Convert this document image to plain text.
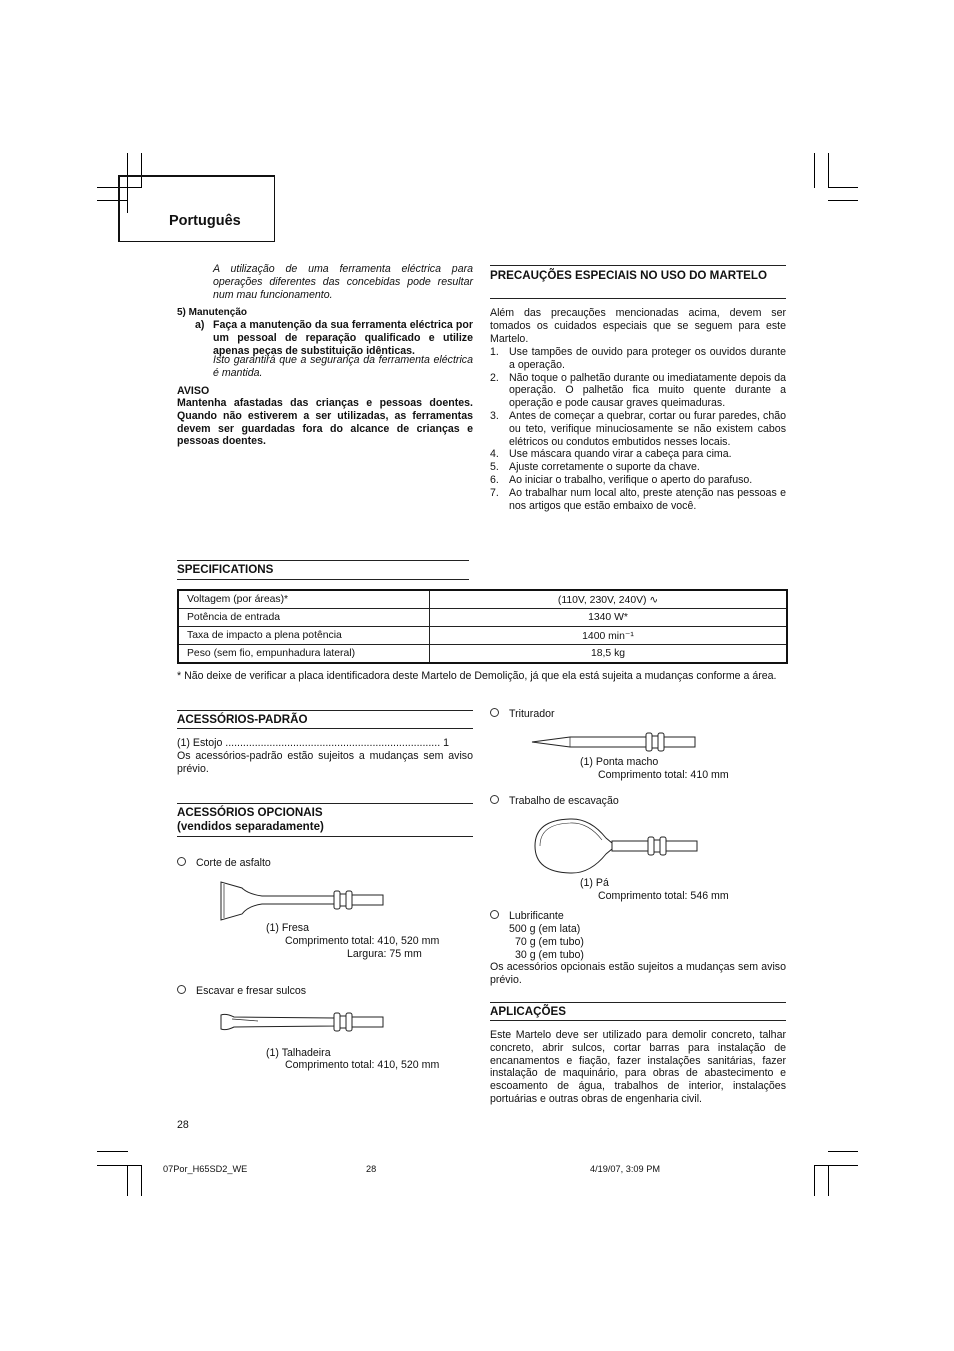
Português
A utilização de uma ferramenta eléctrica para operações diferentes das concebidas pode resultar num mau funcionamento.
5) Manutenção
a) Faça a manutenção da sua ferramenta eléctrica por um pessoal de reparação qualificado e utilize apenas peças de substituição idênticas.
Isto garantirá que a segurança da ferramenta eléctrica é mantida.
AVISO
Mantenha afastadas das crianças e pessoas doentes. Quando não estiverem a ser utilizadas, as ferramentas devem ser guardadas fora do alcance de crianças e pessoas doentes.
PRECAUÇÕES ESPECIAIS NO USO DO MARTELO
Além das precauções mencionadas acima, devem ser tomados os cuidados especiais que se seguem para este Martelo.
1. Use tampões de ouvido para proteger os ouvidos durante a operação.
2. Não toque o palhetão durante ou imediatamente depois da operação. O palhetão fica muito quente durante a operação e pode causar graves queimaduras.
3. Antes de começar a quebrar, cortar ou furar paredes, chão ou teto, verifique minuciosamente se não existem cabos elétricos ou condutos embutidos nesses locais.
4. Use máscara quando virar a cabeça para cima.
5. Ajuste corretamente o suporte da chave.
6. Ao iniciar o trabalho, verifique o aperto do parafuso.
7. Ao trabalhar num local alto, preste atenção nas pessoas e nos artigos que estão embaixo de você.
SPECIFICATIONS
Voltagem (por áreas)*	(110V, 230V, 240V) ∿
Potência de entrada	1340 W*
Taxa de impacto a plena potência	1400 min⁻¹
Peso (sem fio, empunhadura lateral)	18,5 kg
* Não deixe de verificar a placa identificadora deste Martelo de Demolição, já que ela está sujeita a mudanças conforme a área.
ACESSÓRIOS-PADRÃO
(1) Estojo ......................................................................... 1
Os acessórios-padrão estão sujeitos a mudanças sem aviso prévio.
ACESSÓRIOS OPCIONAIS
(vendidos separadamente)
Corte de asfalto
(1) Fresa
Comprimento total: 410, 520 mm
Largura: 75 mm
Escavar e fresar sulcos
(1) Talhadeira
Comprimento total: 410, 520 mm
Triturador
(1) Ponta macho
Comprimento total: 410 mm
Trabalho de escavação
(1) Pá
Comprimento total: 546 mm
Lubrificante
500 g (em lata)
70 g (em tubo)
30 g (em tubo)
Os acessórios opcionais estão sujeitos a mudanças sem aviso prévio.
APLICAÇÕES
Este Martelo deve ser utilizado para demolir concreto, talhar concreto, abrir sulcos, cortar barras para instalação de encanamentos e fiação, fazer instalações sanitárias, fazer instalação de maquinário, para obras de abastecimento e escoamento de água, trabalhos de interior, instalações portuárias e outras obras de engenharia civil.
28
07Por_H65SD2_WE	28	4/19/07, 3:09 PM
